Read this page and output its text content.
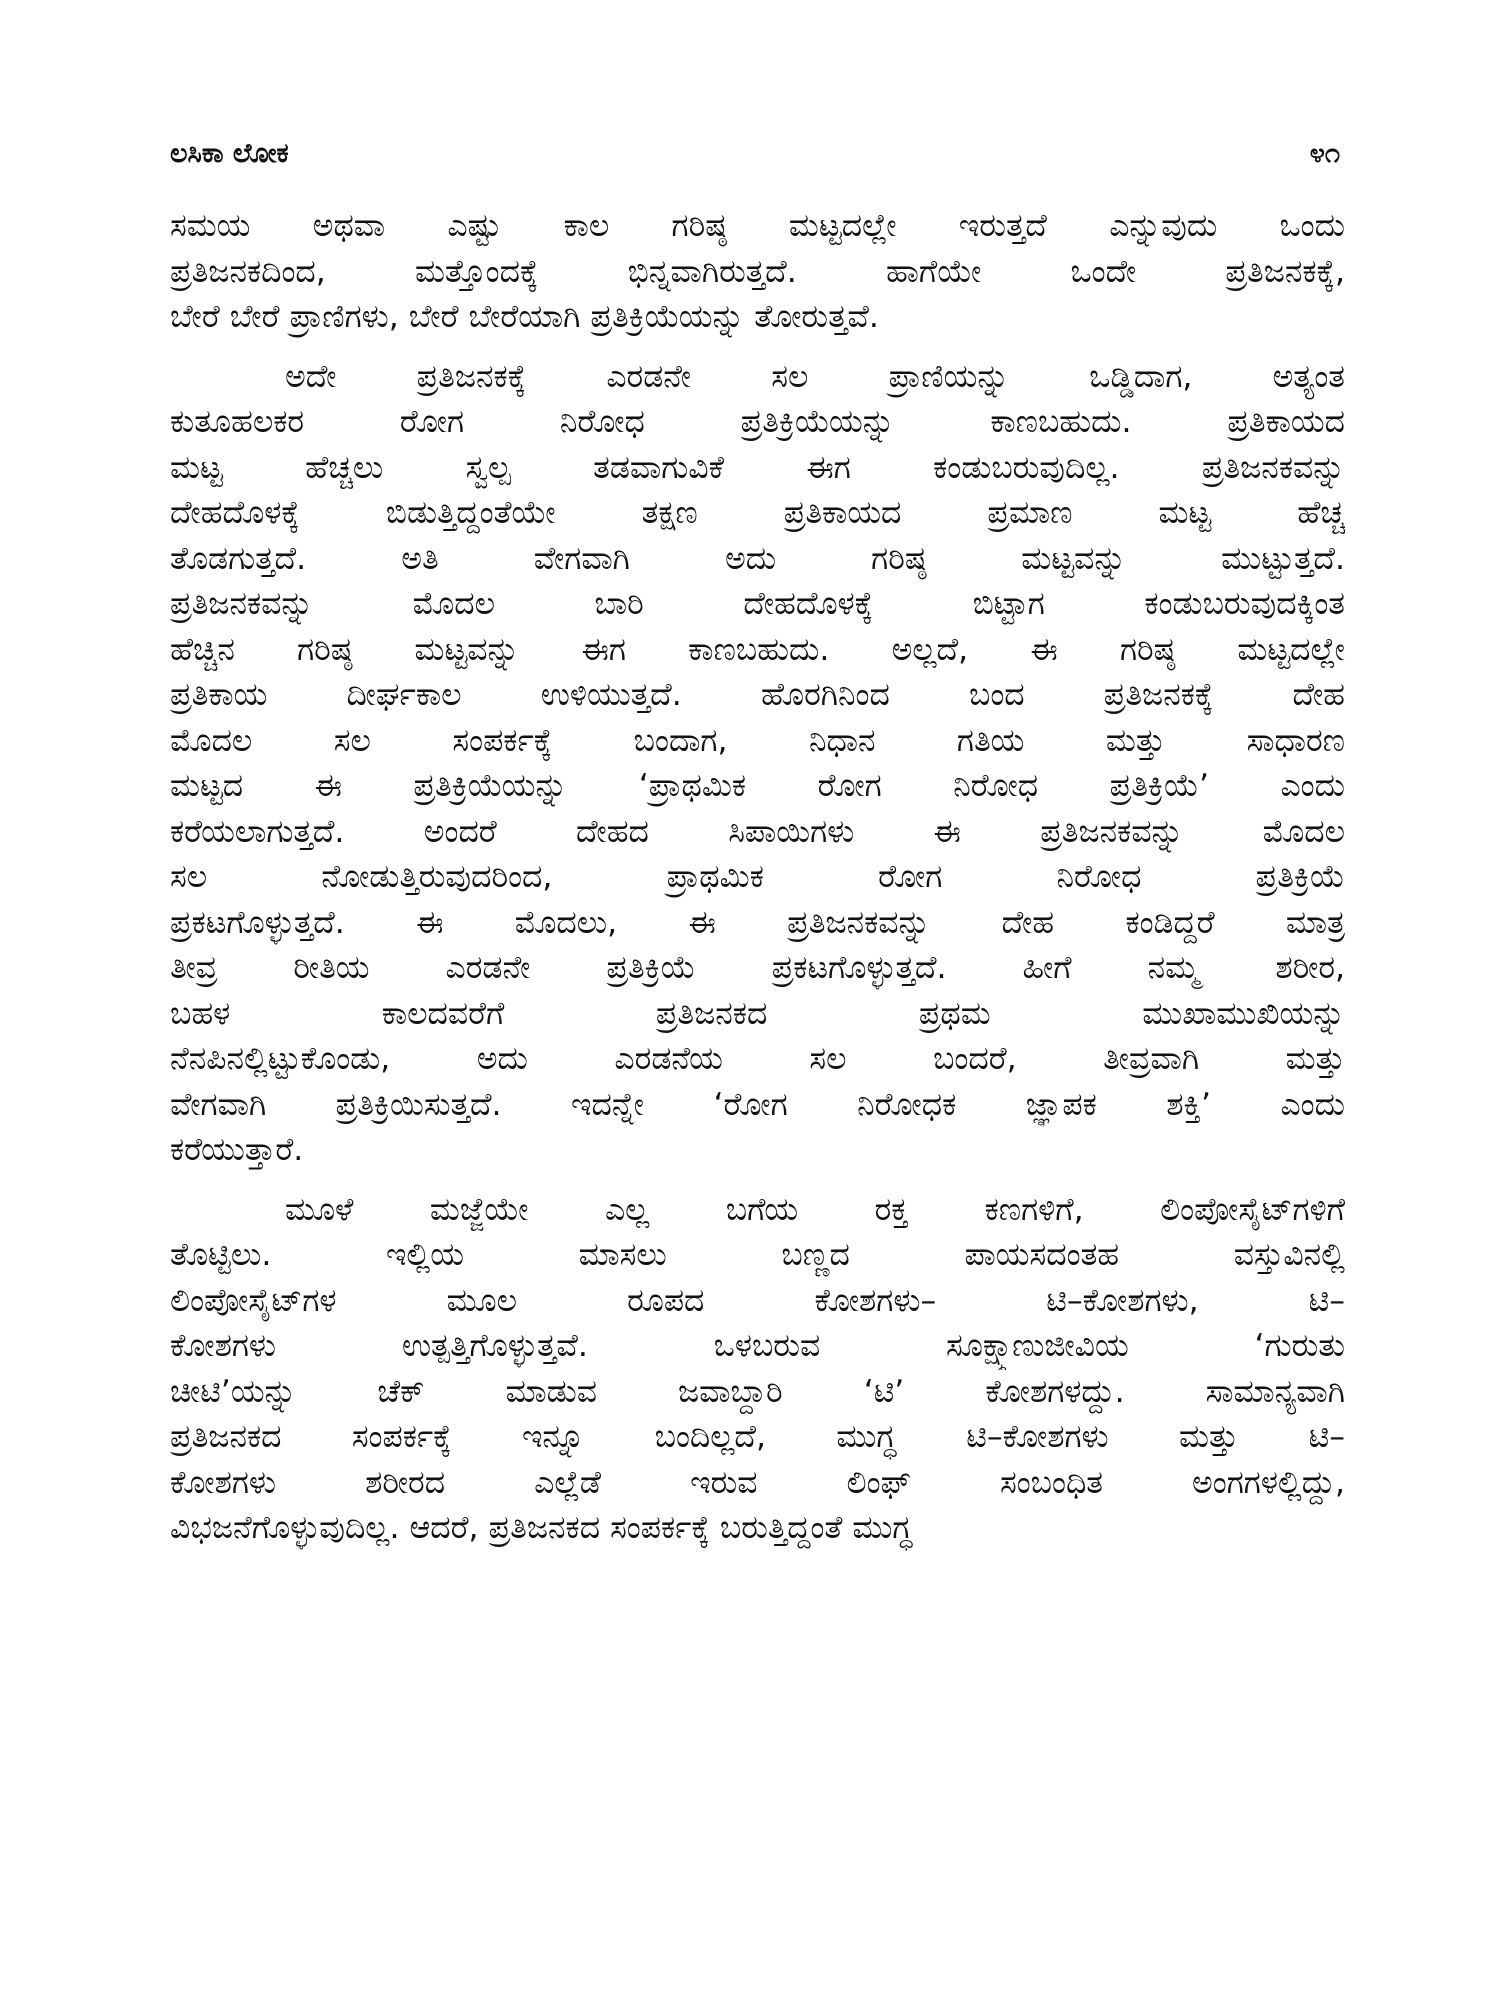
ಲಸಿಕಾ ಲೋಕ	೪೧
ಸಮಯ ಅಥವಾ ಎಷ್ಟು ಕಾಲ ಗರಿಷ್ಠ ಮಟ್ಟದಲ್ಲೇ ಇರುತ್ತದೆ ಎನ್ನುವುದು ಒಂದು
ಪ್ರತಿಜನಕದಿಂದ, ಮತ್ತೊಂದಕ್ಕೆ ಭಿನ್ನವಾಗಿರುತ್ತದೆ. ಹಾಗೆಯೇ ಒಂದೇ ಪ್ರತಿಜನಕಕ್ಕೆ,
ಬೇರೆ ಬೇರೆ ಪ್ರಾಣಿಗಳು, ಬೇರೆ ಬೇರೆಯಾಗಿ ಪ್ರತಿಕ್ರಿಯೆಯನ್ನು ತೋರುತ್ತವೆ.
ಅದೇ ಪ್ರತಿಜನಕಕ್ಕೆ ಎರಡನೇ ಸಲ ಪ್ರಾಣಿಯನ್ನು ಒಡ್ಡಿದಾಗ, ಅತ್ಯಂತ
ಕುತೂಹಲಕರ ರೋಗ ನಿರೋಧ ಪ್ರತಿಕ್ರಿಯೆಯನ್ನು ಕಾಣಬಹುದು. ಪ್ರತಿಕಾಯದ
ಮಟ್ಟ ಹೆಚ್ಚಲು ಸ್ವಲ್ಪ ತಡವಾಗುವಿಕೆ ಈಗ ಕಂಡುಬರುವುದಿಲ್ಲ. ಪ್ರತಿಜನಕವನ್ನು
ದೇಹದೊಳಕ್ಕೆ ಬಿಡುತ್ತಿದ್ದಂತೆಯೇ ತಕ್ಷಣ ಪ್ರತಿಕಾಯದ ಪ್ರಮಾಣ ಮಟ್ಟ ಹೆಚ್ಚ
ತೊಡಗುತ್ತದೆ. ಅತಿ ವೇಗವಾಗಿ ಅದು ಗರಿಷ್ಠ ಮಟ್ಟವನ್ನು ಮುಟ್ಟುತ್ತದೆ.
ಪ್ರತಿಜನಕವನ್ನು ಮೊದಲ ಬಾರಿ ದೇಹದೊಳಕ್ಕೆ ಬಿಟ್ಟಾಗ ಕಂಡುಬರುವುದಕ್ಕಿಂತ
ಹೆಚ್ಚಿನ ಗರಿಷ್ಠ ಮಟ್ಟವನ್ನು ಈಗ ಕಾಣಬಹುದು. ಅಲ್ಲದೆ, ಈ ಗರಿಷ್ಠ ಮಟ್ಟದಲ್ಲೇ
ಪ್ರತಿಕಾಯ ದೀರ್ಘಕಾಲ ಉಳಿಯುತ್ತದೆ. ಹೊರಗಿನಿಂದ ಬಂದ ಪ್ರತಿಜನಕಕ್ಕೆ ದೇಹ
ಮೊದಲ ಸಲ ಸಂಪರ್ಕಕ್ಕೆ ಬಂದಾಗ, ನಿಧಾನ ಗತಿಯ ಮತ್ತು ಸಾಧಾರಣ
ಮಟ್ಟದ ಈ ಪ್ರತಿಕ್ರಿಯೆಯನ್ನು ‘ಪ್ರಾಥಮಿಕ ರೋಗ ನಿರೋಧ ಪ್ರತಿಕ್ರಿಯೆ’ ಎಂದು
ಕರೆಯಲಾಗುತ್ತದೆ. ಅಂದರೆ ದೇಹದ ಸಿಪಾಯಿಗಳು ಈ ಪ್ರತಿಜನಕವನ್ನು ಮೊದಲ
ಸಲ ನೋಡುತ್ತಿರುವುದರಿಂದ, ಪ್ರಾಥಮಿಕ ರೋಗ ನಿರೋಧ ಪ್ರತಿಕ್ರಿಯೆ
ಪ್ರಕಟಗೊಳ್ಳುತ್ತದೆ. ಈ ಮೊದಲು, ಈ ಪ್ರತಿಜನಕವನ್ನು ದೇಹ ಕಂಡಿದ್ದರೆ ಮಾತ್ರ
ತೀವ್ರ ರೀತಿಯ ಎರಡನೇ ಪ್ರತಿಕ್ರಿಯೆ ಪ್ರಕಟಗೊಳ್ಳುತ್ತದೆ. ಹೀಗೆ ನಮ್ಮ ಶರೀರ,
ಬಹಳ ಕಾಲದವರೆಗೆ ಪ್ರತಿಜನಕದ ಪ್ರಥಮ ಮುಖಾಮುಖಿಯನ್ನು
ನೆನಪಿನಲ್ಲಿಟ್ಟುಕೊಂಡು, ಅದು ಎರಡನೆಯ ಸಲ ಬಂದರೆ, ತೀವ್ರವಾಗಿ ಮತ್ತು
ವೇಗವಾಗಿ ಪ್ರತಿಕ್ರಿಯಿಸುತ್ತದೆ. ಇದನ್ನೇ ‘ರೋಗ ನಿರೋಧಕ ಜ್ಞಾಪಕ ಶಕ್ತಿ’ ಎಂದು
ಕರೆಯುತ್ತಾರೆ.
ಮೂಳೆ ಮಜ್ಜೆಯೇ ಎಲ್ಲ ಬಗೆಯ ರಕ್ತ ಕಣಗಳಿಗೆ, ಲಿಂಪೋಸೈಟ್‌ಗಳಿಗೆ
ತೊಟ್ಟಿಲು. ಇಲ್ಲಿಯ ಮಾಸಲು ಬಣ್ಣದ ಪಾಯಸದಂತಹ ವಸ್ತುವಿನಲ್ಲಿ
ಲಿಂಪೋಸೈಟ್‌ಗಳ ಮೂಲ ರೂಪದ ಕೋಶಗಳು– ಟಿ–ಕೋಶಗಳು, ಟಿ–
ಕೋಶಗಳು ಉತ್ಪತ್ತಿಗೊಳ್ಳುತ್ತವೆ. ಒಳಬರುವ ಸೂಕ್ಷ್ಮಾಣುಜೀವಿಯ ‘ಗುರುತು
ಚೀಟಿ’ಯನ್ನು ಚೆಕ್ ಮಾಡುವ ಜವಾಬ್ದಾರಿ ‘ಟಿ’ ಕೋಶಗಳದ್ದು. ಸಾಮಾನ್ಯವಾಗಿ
ಪ್ರತಿಜನಕದ ಸಂಪರ್ಕಕ್ಕೆ ಇನ್ನೂ ಬಂದಿಲ್ಲದೆ, ಮುಗ್ಧ ಟಿ–ಕೋಶಗಳು ಮತ್ತು ಟಿ–
ಕೋಶಗಳು ಶರೀರದ ಎಲ್ಲೆಡೆ ಇರುವ ಲಿಂಫ್ ಸಂಬಂಧಿತ ಅಂಗಗಳಲ್ಲಿದ್ದು,
ವಿಭಜನೆಗೊಳ್ಳುವುದಿಲ್ಲ. ಆದರೆ, ಪ್ರತಿಜನಕದ ಸಂಪರ್ಕಕ್ಕೆ ಬರುತ್ತಿದ್ದಂತೆ ಮುಗ್ಧ
